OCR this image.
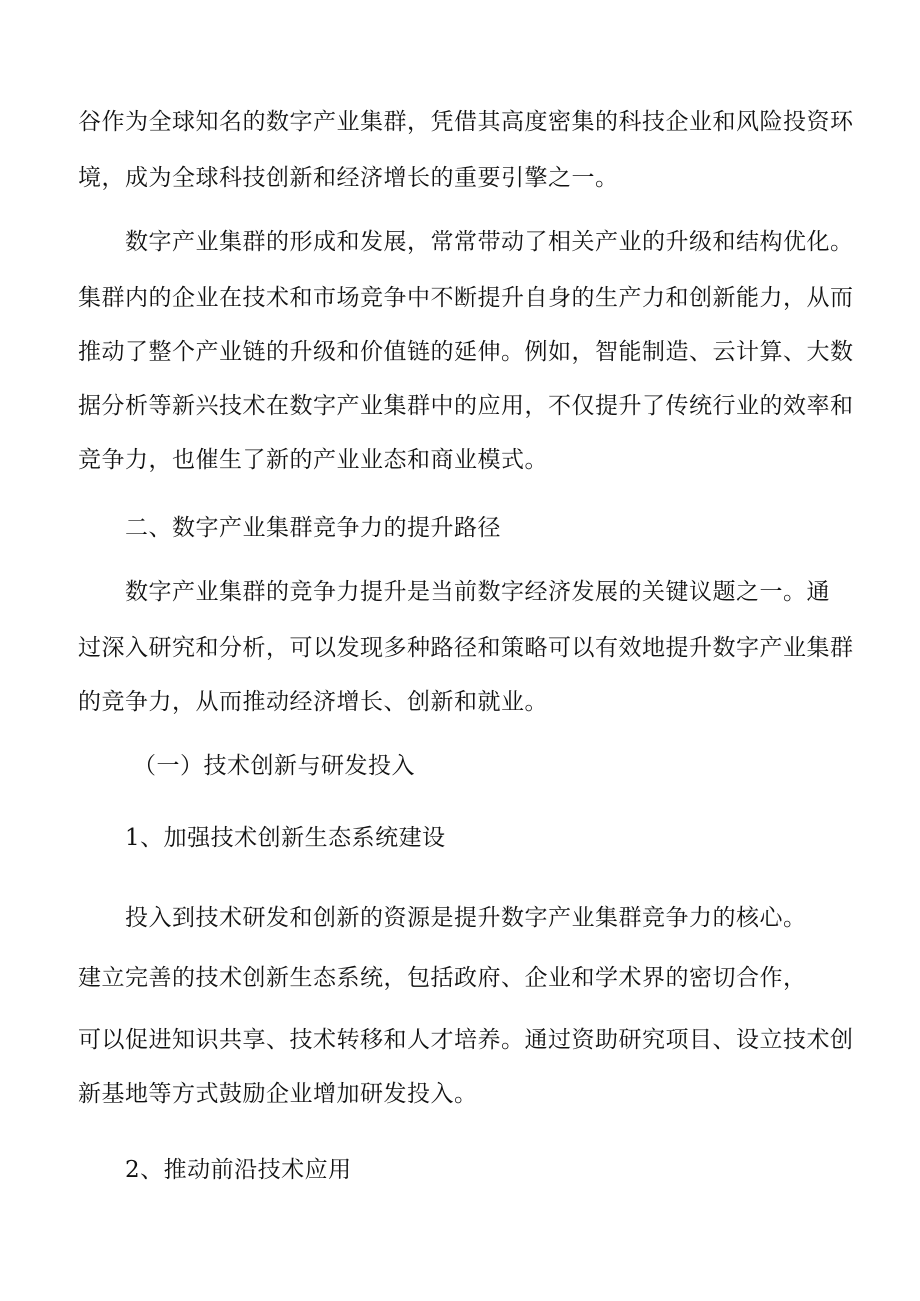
谷作为全球知名的数字产业集群，凭借其高度密集的科技企业和风险投资环
境，成为全球科技创新和经济增长的重要引擎之一。
数字产业集群的形成和发展，常常带动了相关产业的升级和结构优化。
集群内的企业在技术和市场竞争中不断提升自身的生产力和创新能力，从而
推动了整个产业链的升级和价值链的延伸。例如，智能制造、云计算、大数
据分析等新兴技术在数字产业集群中的应用，不仅提升了传统行业的效率和
竞争力，也催生了新的产业业态和商业模式。
二、数字产业集群竞争力的提升路径
数字产业集群的竞争力提升是当前数字经济发展的关键议题之一。通
过深入研究和分析，可以发现多种路径和策略可以有效地提升数字产业集群
的竞争力，从而推动经济增长、创新和就业。
（一）技术创新与研发投入
1、加强技术创新生态系统建设
投入到技术研发和创新的资源是提升数字产业集群竞争力的核心。
建立完善的技术创新生态系统，包括政府、企业和学术界的密切合作，
可以促进知识共享、技术转移和人才培养。通过资助研究项目、设立技术创
新基地等方式鼓励企业增加研发投入。
2、推动前沿技术应用
